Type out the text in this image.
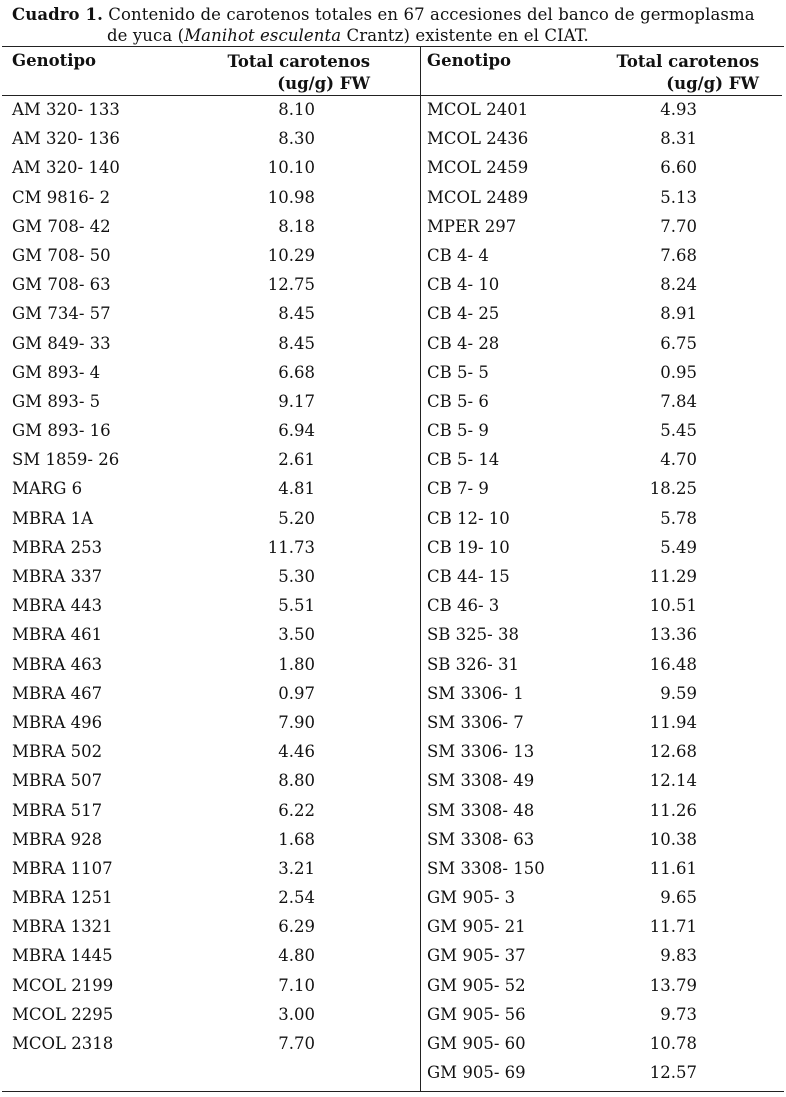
Cuadro 1. Contenido de carotenos totales en 67 accesiones del banco de germoplasma
de yuca (Manihot esculenta Crantz) existente en el CIAT.
Genotipo	Total carotenos
(ug/g) FW
AM 320- 133	8.10
AM 320- 136	8.30
AM 320- 140	10.10
CM 9816- 2	10.98
GM 708- 42	8.18
GM 708- 50	10.29
GM 708- 63	12.75
GM 734- 57	8.45
GM 849- 33	8.45
GM 893- 4	6.68
GM 893- 5	9.17
GM 893- 16	6.94
SM 1859- 26	2.61
MARG 6	4.81
MBRA 1A	5.20
MBRA 253	11.73
MBRA 337	5.30
MBRA 443	5.51
MBRA 461	3.50
MBRA 463	1.80
MBRA 467	0.97
MBRA 496	7.90
MBRA 502	4.46
MBRA 507	8.80
MBRA 517	6.22
MBRA 928	1.68
MBRA 1107	3.21
MBRA 1251	2.54
MBRA 1321	6.29
MBRA 1445	4.80
MCOL 2199	7.10
MCOL 2295	3.00
MCOL 2318	7.70
Genotipo	Total carotenos
(ug/g) FW
MCOL 2401	4.93
MCOL 2436	8.31
MCOL 2459	6.60
MCOL 2489	5.13
MPER 297	7.70
CB 4- 4	7.68
CB 4- 10	8.24
CB 4- 25	8.91
CB 4- 28	6.75
CB 5- 5	0.95
CB 5- 6	7.84
CB 5- 9	5.45
CB 5- 14	4.70
CB 7- 9	18.25
CB 12- 10	5.78
CB 19- 10	5.49
CB 44- 15	11.29
CB 46- 3	10.51
SB 325- 38	13.36
SB 326- 31	16.48
SM 3306- 1	9.59
SM 3306- 7	11.94
SM 3306- 13	12.68
SM 3308- 49	12.14
SM 3308- 48	11.26
SM 3308- 63	10.38
SM 3308- 150	11.61
GM 905- 3	9.65
GM 905- 21	11.71
GM 905- 37	9.83
GM 905- 52	13.79
GM 905- 56	9.73
GM 905- 60	10.78
GM 905- 69	12.57
